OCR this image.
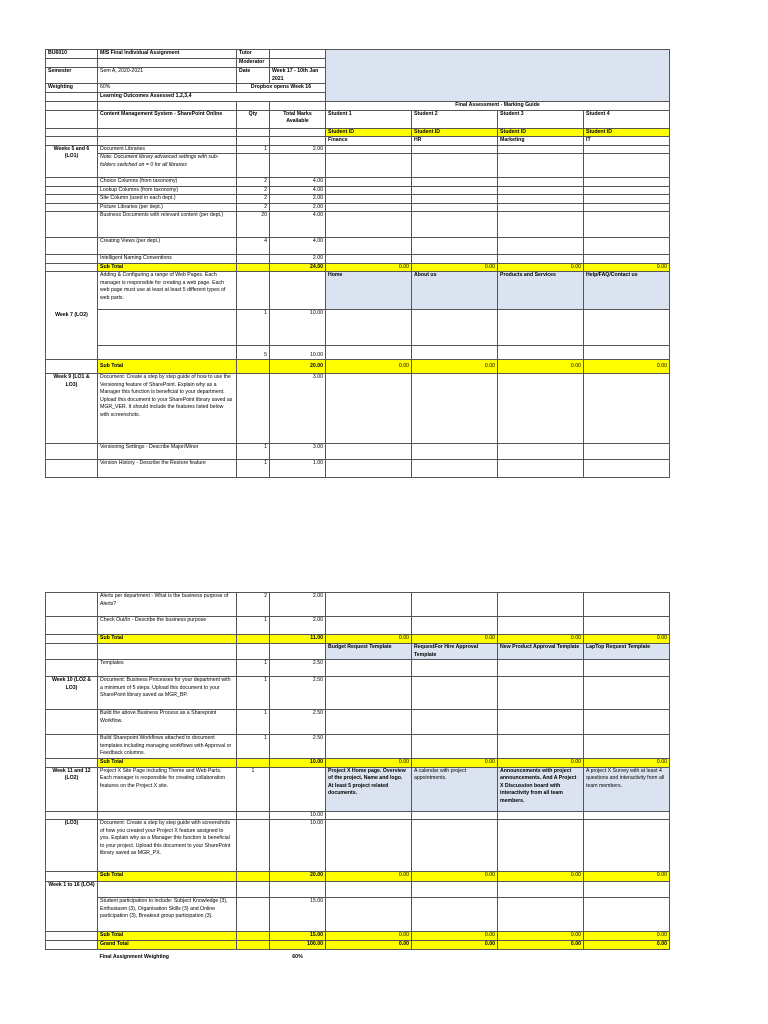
BU6010	MIS Final Individual Assignment	Tutor					
		Moderator					
Semester	Sem A, 2020-2021	Date	Week 17 - 10th Jan 2021				
Weighting	60%	Dropbox opens Week 16					
	Learning Outcomes Assessed 1,2,3,4						
				Final Assessment - Marking Guide			
	Content Management System - SharePoint Online	Qty	Total Marks Available	Student 1	Student 2	Student 3	Student 4
				Student ID	Student ID	Student ID	Student ID
				Finance	HR	Marketing	IT
Weeks 5 and 6 (LO1)	Document Libraries	1	2.00				
	Note: Document library advanced settings with sub-folders switched on = 0 for all libraries						
	Choice Columns (from taxonomy)	2	4.00				
	Lookup Columns (from taxonomy)	2	4.00				
	Site Column (used in each dept.)	2	2.00				
	Picture Libraries (per dept.)	2	2.00				
	Business Documents with relevant content (per dept.)	20	4.00				
	Creating Views (per dept.)	4	4.00				
	Intelligent Naming Conventions		2.00				
	Sub Total		24.00	0.00	0.00	0.00	0.00
Week 7 (LO2)	Adding & Configuring a range of Web Pages. Each manager is responsible for creating a web page. Each web page must use at least at least 5 different types of web parts.			Home	About us	Products and Services	Help/FAQ/Contact us
		1	10.00				
		5	10.00				
	Sub Total		20.00	0.00	0.00	0.00	0.00
Week 9 (LO1 & LO3)	Document: Create a step by step guide of how to use the Versioning feature of SharePoint. Explain why as a Manager this function is beneficial to your department. Upload this document to your SharePoint library saved as MGR_VER. It should include the features listed below with screenshots.		3.00				
	Versioning Settings - Describe Major/Minor	1	3.00				
	Version History - Describe the Restore feature	1	1.00				
	Alerts per department - What is the business purpose of Alerts?	2	2.00				
	Check Out/In - Describe the business purpose	1	2.00				
	Sub Total		11.00	0.00	0.00	0.00	0.00
				Budget Request Template	RequestFor Hire Approval Template	New Product Approval Template	LapTop Request Template
	Templates	1	2.50				
Week 10 (LO2 & LO3)	Document: Business Processes for your department with a minimum of 5 steps. Upload this document to your SharePoint library saved as MGR_BP.	1	2.50				
	Build the above Business Process as a Sharepoint Workflow.	1	2.50				
	Build Sharepoint Workflows attached to document templates including managing workflows with Approval or Feedback columns.	1	2.50				
	Sub Total		10.00	0.00	0.00	0.00	0.00
Week 11 and 12 (LO2)	Project X Site Page including Theme and Web Parts. Each manager is responsible for creating collaboration features on the Project X site.	1		Project X Home page. Overview of the project, Name and logo. At least 5 project related documents.	A calendar with project appointments.	Announcements with project announcements. And A Project X Discussion board with interactivity from all team members.	A project X Survey with at least 4 questions and interactivity from all team members.
			10.00				
(LO3)	Document: Create a step by step guide with screenshots of how you created your Project X feature assigned to you. Explain why as a Manager this function is beneficial to your project. Upload this document to your SharePoint library saved as MGR_PX.		10.00				
	Sub Total		20.00	0.00	0.00	0.00	0.00
Week 1 to 16 (LO4)							
	Student participation to include: Subject Knowledge (3), Enthusiasm (3), Organisation Skills (3) and Online participation (3), Breakout group participation (3).		15.00				
	Sub Total		15.00	0.00	0.00	0.00	0.00
	Grand Total		100.00	0.00	0.00	0.00	0.00
	Final Assignment Weighting		60%				
